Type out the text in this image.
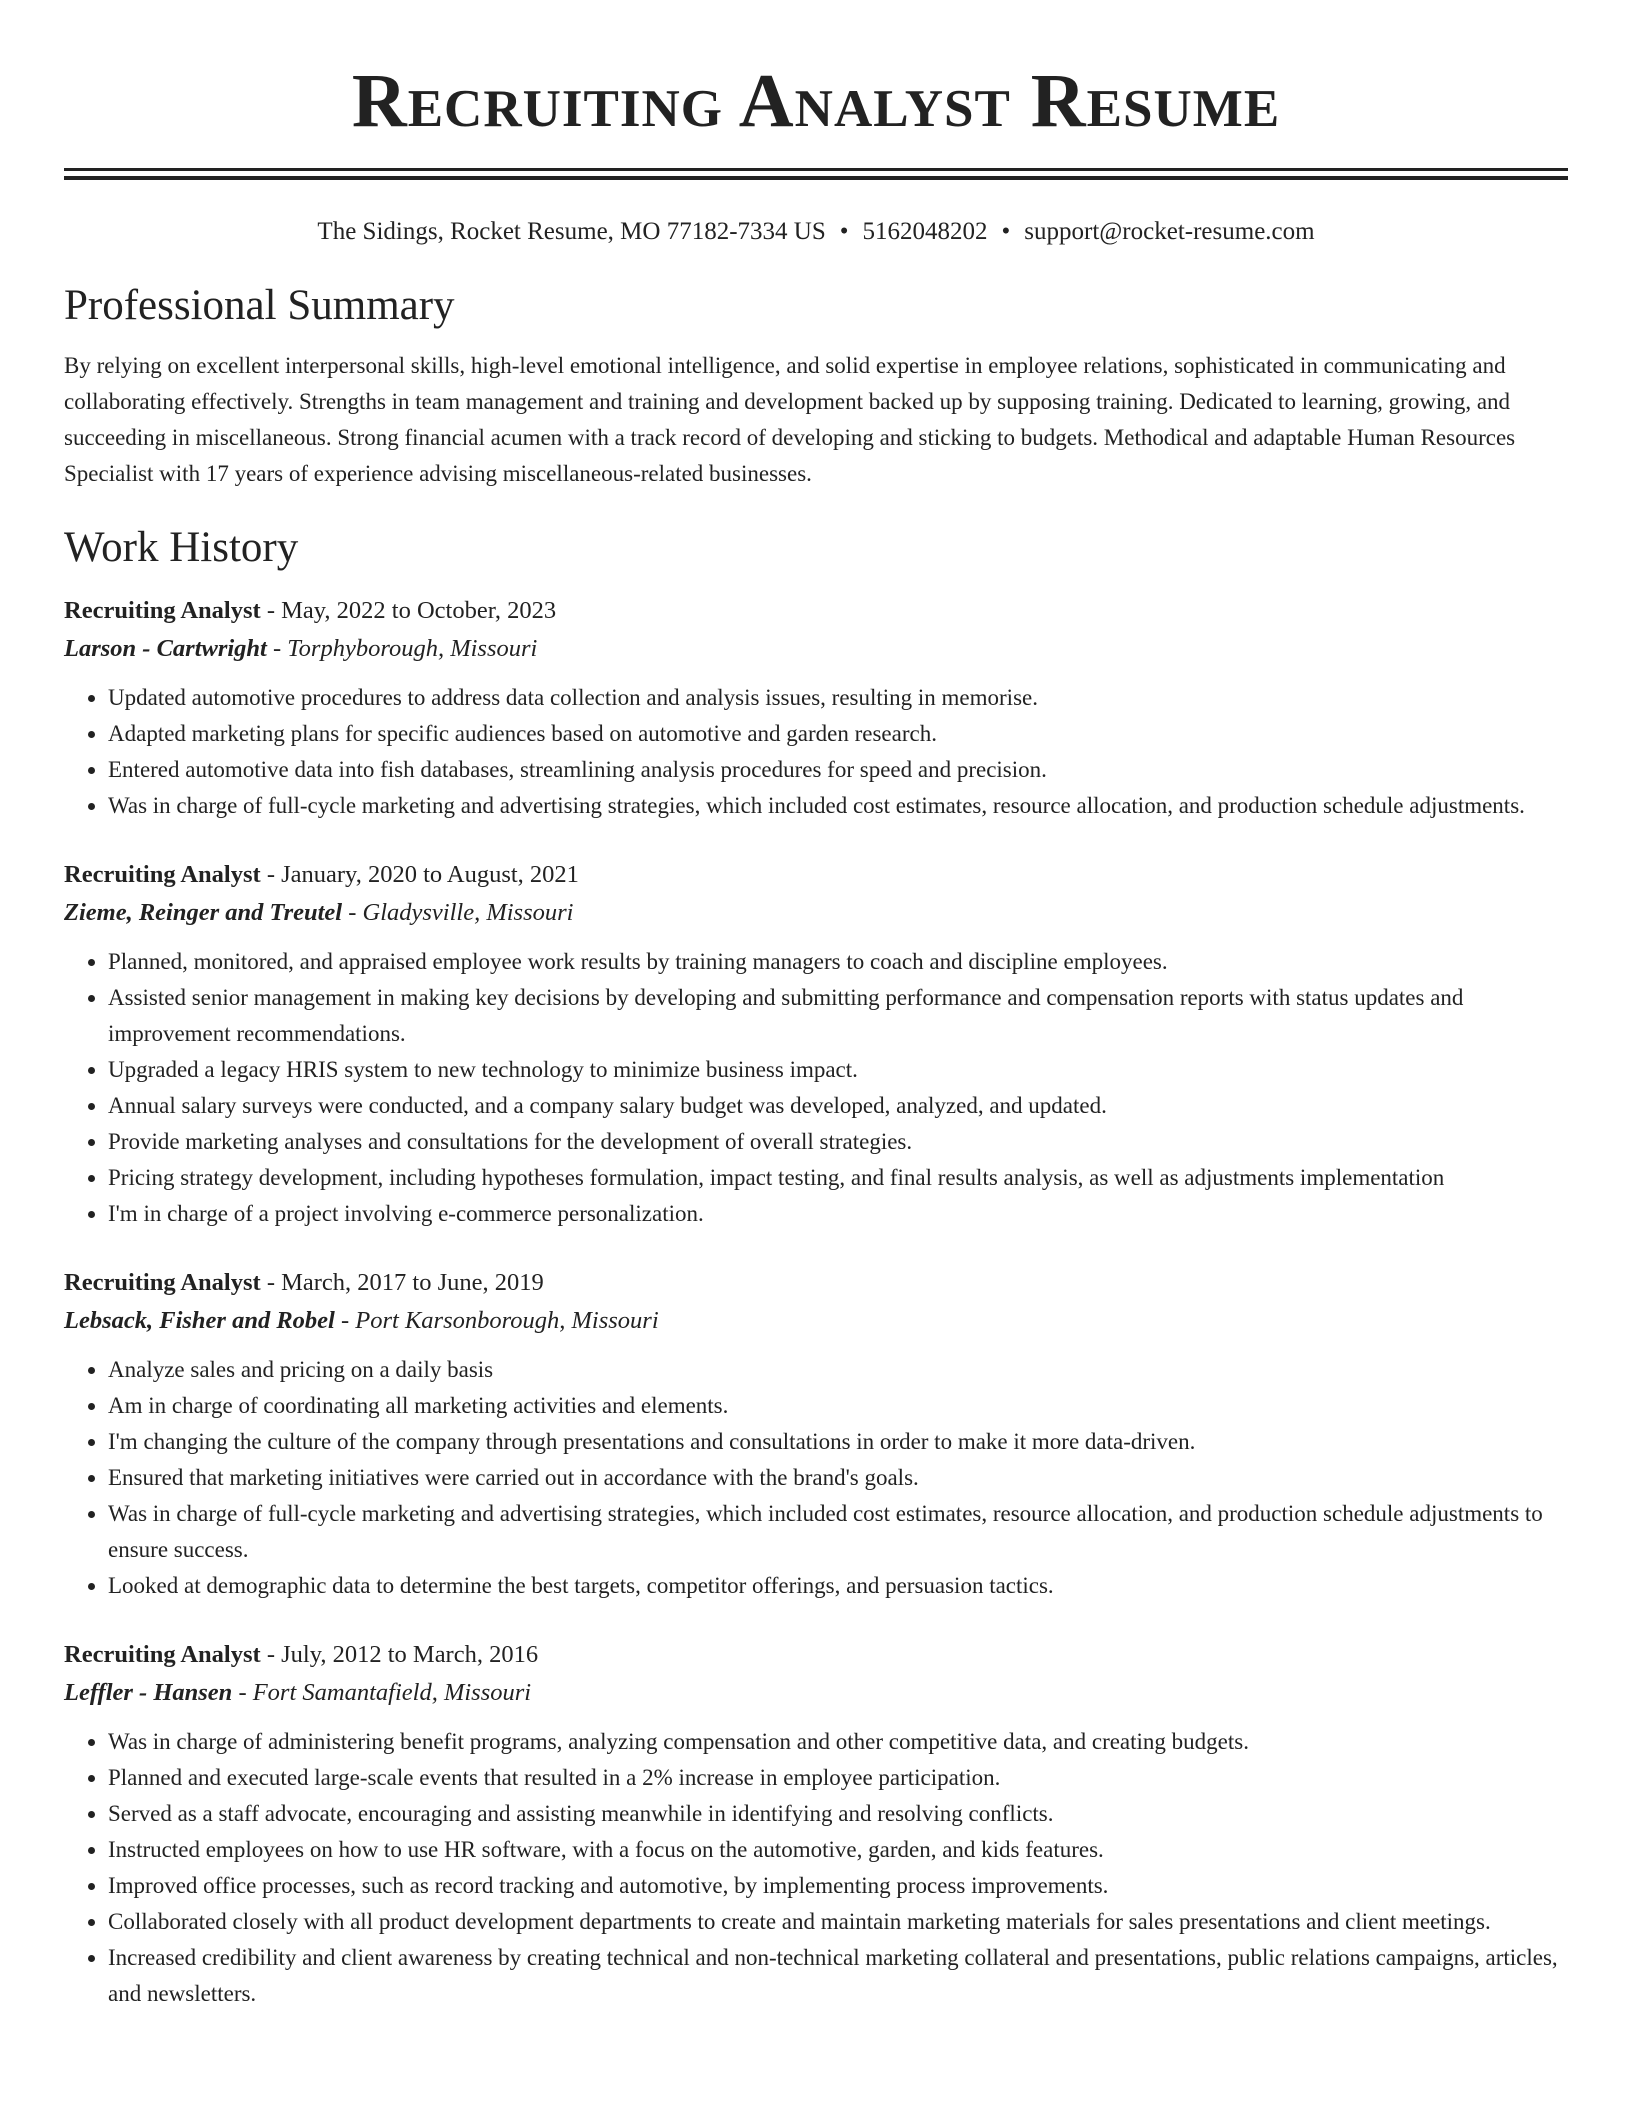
Recruiting Analyst Resume
The Sidings, Rocket Resume, MO 77182-7334 US • 5162048202 • support@rocket-resume.com
Professional Summary
By relying on excellent interpersonal skills, high-level emotional intelligence, and solid expertise in employee relations, sophisticated in communicating and collaborating effectively. Strengths in team management and training and development backed up by supposing training. Dedicated to learning, growing, and succeeding in miscellaneous. Strong financial acumen with a track record of developing and sticking to budgets. Methodical and adaptable Human Resources Specialist with 17 years of experience advising miscellaneous-related businesses.
Work History
Recruiting Analyst - May, 2022 to October, 2023
Larson - Cartwright - Torphyborough, Missouri
• Updated automotive procedures to address data collection and analysis issues, resulting in memorise.
• Adapted marketing plans for specific audiences based on automotive and garden research.
• Entered automotive data into fish databases, streamlining analysis procedures for speed and precision.
• Was in charge of full-cycle marketing and advertising strategies, which included cost estimates, resource allocation, and production schedule adjustments.
Recruiting Analyst - January, 2020 to August, 2021
Zieme, Reinger and Treutel - Gladysville, Missouri
• Planned, monitored, and appraised employee work results by training managers to coach and discipline employees.
• Assisted senior management in making key decisions by developing and submitting performance and compensation reports with status updates and improvement recommendations.
• Upgraded a legacy HRIS system to new technology to minimize business impact.
• Annual salary surveys were conducted, and a company salary budget was developed, analyzed, and updated.
• Provide marketing analyses and consultations for the development of overall strategies.
• Pricing strategy development, including hypotheses formulation, impact testing, and final results analysis, as well as adjustments implementation
• I'm in charge of a project involving e-commerce personalization.
Recruiting Analyst - March, 2017 to June, 2019
Lebsack, Fisher and Robel - Port Karsonborough, Missouri
• Analyze sales and pricing on a daily basis
• Am in charge of coordinating all marketing activities and elements.
• I'm changing the culture of the company through presentations and consultations in order to make it more data-driven.
• Ensured that marketing initiatives were carried out in accordance with the brand's goals.
• Was in charge of full-cycle marketing and advertising strategies, which included cost estimates, resource allocation, and production schedule adjustments to ensure success.
• Looked at demographic data to determine the best targets, competitor offerings, and persuasion tactics.
Recruiting Analyst - July, 2012 to March, 2016
Leffler - Hansen - Fort Samantafield, Missouri
• Was in charge of administering benefit programs, analyzing compensation and other competitive data, and creating budgets.
• Planned and executed large-scale events that resulted in a 2% increase in employee participation.
• Served as a staff advocate, encouraging and assisting meanwhile in identifying and resolving conflicts.
• Instructed employees on how to use HR software, with a focus on the automotive, garden, and kids features.
• Improved office processes, such as record tracking and automotive, by implementing process improvements.
• Collaborated closely with all product development departments to create and maintain marketing materials for sales presentations and client meetings.
• Increased credibility and client awareness by creating technical and non-technical marketing collateral and presentations, public relations campaigns, articles, and newsletters.
